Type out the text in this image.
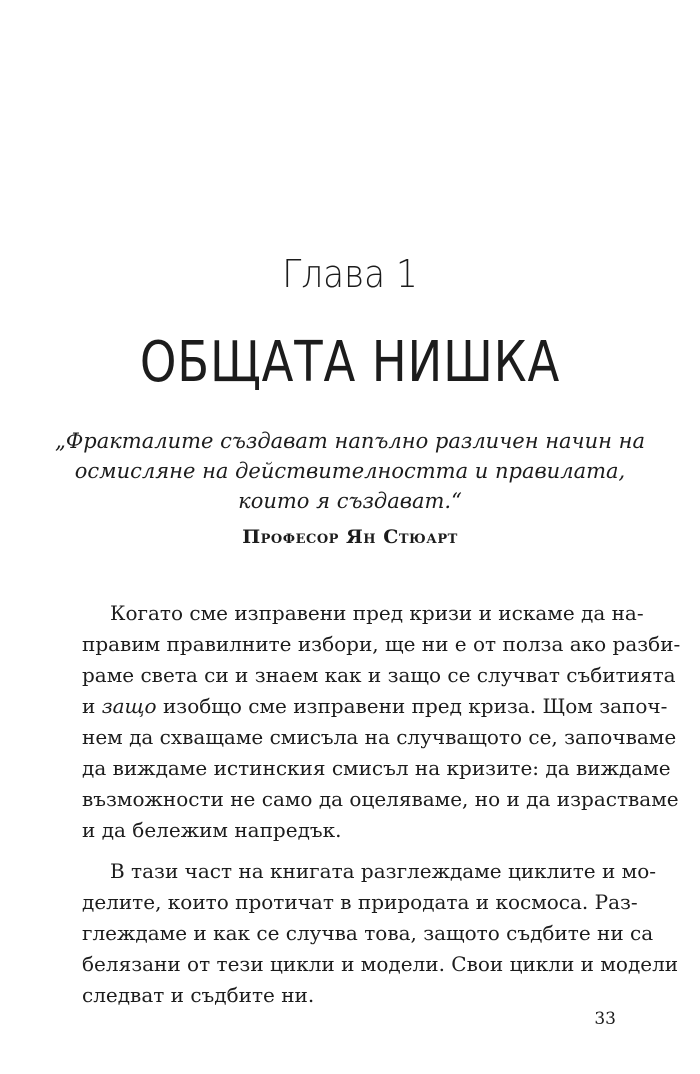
Глава 1
ОБЩАТА НИШКА

„Фракталите създават напълно различен начин на
осмисляне на действителността и правилата,
които я създават.“

Професор Ян Стюарт

Когато сме изправени пред кризи и искаме да на-
правим правилните избори, ще ни е от полза ако разби-
раме света си и знаем как и защо се случват събитията
и защо изобщо сме изправени пред криза. Щом започ-
нем да схващаме смисъла на случващото се, започваме
да виждаме истинския смисъл на кризите: да виждаме
възможности не само да оцеляваме, но и да израстваме
и да бележим напредък.
В тази част на книгата разглеждаме циклите и мо-
делите, които протичат в природата и космоса. Раз-
глеждаме и как се случва това, защото съдбите ни са
белязани от тези цикли и модели. Свои цикли и модели
следват и съдбите ни.
33
